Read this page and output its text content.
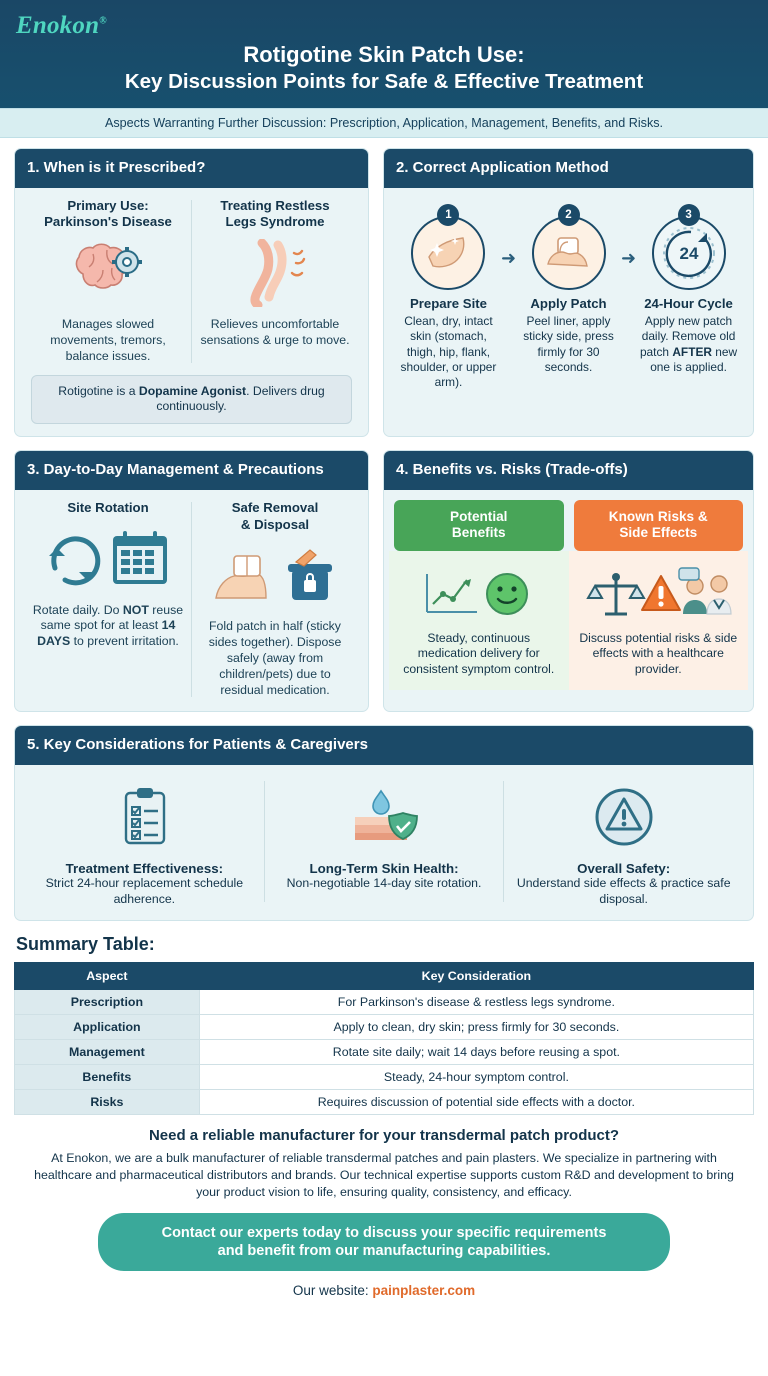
Enokon®
Rotigotine Skin Patch Use:
Key Discussion Points for Safe & Effective Treatment
Aspects Warranting Further Discussion: Prescription, Application, Management, Benefits, and Risks.
1. When is it Prescribed?
Primary Use:
Parkinson's Disease

Manages slowed movements, tremors, balance issues.

Treating Restless
Legs Syndrome

Relieves uncomfortable sensations & urge to move.

Rotigotine is a Dopamine Agonist. Delivers drug continuously.
2. Correct Application Method
1
Prepare Site

Clean, dry, intact skin (stomach, thigh, hip, flank, shoulder, or upper arm).

➜
2
Apply Patch

Peel liner, apply sticky side, press firmly for 30 seconds.

➜
3
24
24-Hour Cycle

Apply new patch daily. Remove old patch AFTER new one is applied.

3. Day-to-Day Management & Precautions
Site Rotation

Rotate daily. Do NOT reuse same spot for at least 14 DAYS to prevent irritation.

Safe Removal
& Disposal

Fold patch in half (sticky sides together). Dispose safely (away from children/pets) due to residual medication.

4. Benefits vs. Risks (Trade-offs)
Potential
Benefits

Steady, continuous medication delivery for consistent symptom control.

Known Risks &
Side Effects

Discuss potential risks & side effects with a healthcare provider.

5. Key Considerations for Patients & Caregivers
Treatment Effectiveness:

Strict 24-hour replacement schedule adherence.

Long-Term Skin Health:

Non-negotiable 14-day site rotation.

Overall Safety:

Understand side effects & practice safe disposal.

Summary Table:
Aspect	Key Consideration
Prescription	For Parkinson's disease & restless legs syndrome.
Application	Apply to clean, dry skin; press firmly for 30 seconds.
Management	Rotate site daily; wait 14 days before reusing a spot.
Benefits	Steady, 24-hour symptom control.
Risks	Requires discussion of potential side effects with a doctor.
Need a reliable manufacturer for your transdermal patch product?
At Enokon, we are a bulk manufacturer of reliable transdermal patches and pain plasters. We specialize in partnering with healthcare and pharmaceutical distributors and brands. Our technical expertise supports custom R&D and development to bring your product vision to life, ensuring quality, consistency, and efficacy.
Contact our experts today to discuss your specific requirements
and benefit from our manufacturing capabilities.
Our website: painplaster.com
